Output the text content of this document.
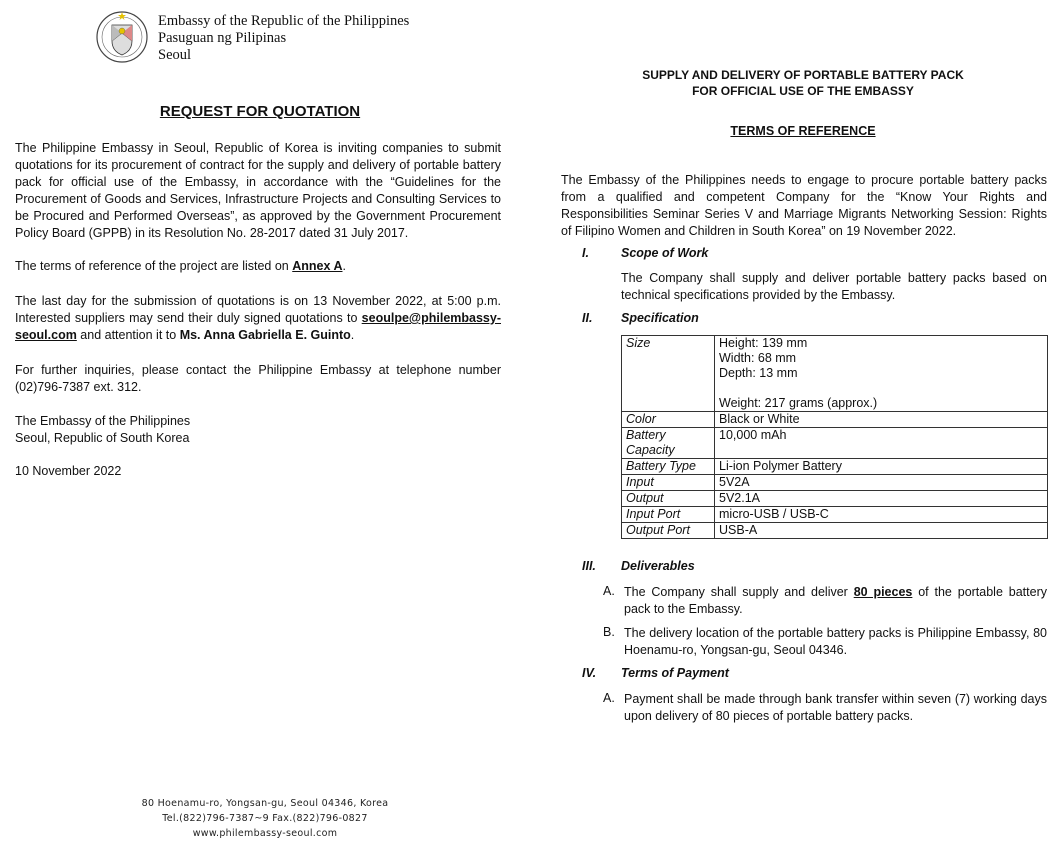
Embassy of the Republic of the Philippines
Pasuguan ng Pilipinas
Seoul
REQUEST FOR QUOTATION
The Philippine Embassy in Seoul, Republic of Korea is inviting companies to submit quotations for its procurement of contract for the supply and delivery of portable battery pack for official use of the Embassy, in accordance with the “Guidelines for the Procurement of Goods and Services, Infrastructure Projects and Consulting Services to be Procured and Performed Overseas”, as approved by the Government Procurement Policy Board (GPPB) in its Resolution No. 28-2017 dated 31 July 2017.
The terms of reference of the project are listed on Annex A.
The last day for the submission of quotations is on 13 November 2022, at 5:00 p.m. Interested suppliers may send their duly signed quotations to seoulpe@philembassy-seoul.com and attention it to Ms. Anna Gabriella E. Guinto.
For further inquiries, please contact the Philippine Embassy at telephone number (02)796-7387 ext. 312.
The Embassy of the Philippines
Seoul, Republic of South Korea
10 November 2022
80 Hoenamu-ro, Yongsan-gu, Seoul 04346, Korea
Tel.(822)796-7387~9 Fax.(822)796-0827
www.philembassy-seoul.com
SUPPLY AND DELIVERY OF PORTABLE BATTERY PACK
FOR OFFICIAL USE OF THE EMBASSY
TERMS OF REFERENCE
The Embassy of the Philippines needs to engage to procure portable battery packs from a qualified and competent Company for the “Know Your Rights and Responsibilities Seminar Series V and Marriage Migrants Networking Session: Rights of Filipino Women and Children in South Korea” on 19 November 2022.
I.	Scope of Work
The Company shall supply and deliver portable battery packs based on technical specifications provided by the Embassy.
II. Specification
Size	Height: 139 mm
Width: 68 mm
Depth: 13 mm
Weight: 217 grams (approx.)

Color	Black or White
Battery Capacity	10,000 mAh
Battery Type	Li-ion Polymer Battery
Input	5V2A
Output	5V2.1A
Input Port	micro-USB / USB-C
Output Port	USB-A
III. Deliverables
A. The Company shall supply and deliver 80 pieces of the portable battery pack to the Embassy.
B. The delivery location of the portable battery packs is Philippine Embassy, 80 Hoenamu-ro, Yongsan-gu, Seoul 04346.
IV. Terms of Payment
A. Payment shall be made through bank transfer within seven (7) working days upon delivery of 80 pieces of portable battery packs.
